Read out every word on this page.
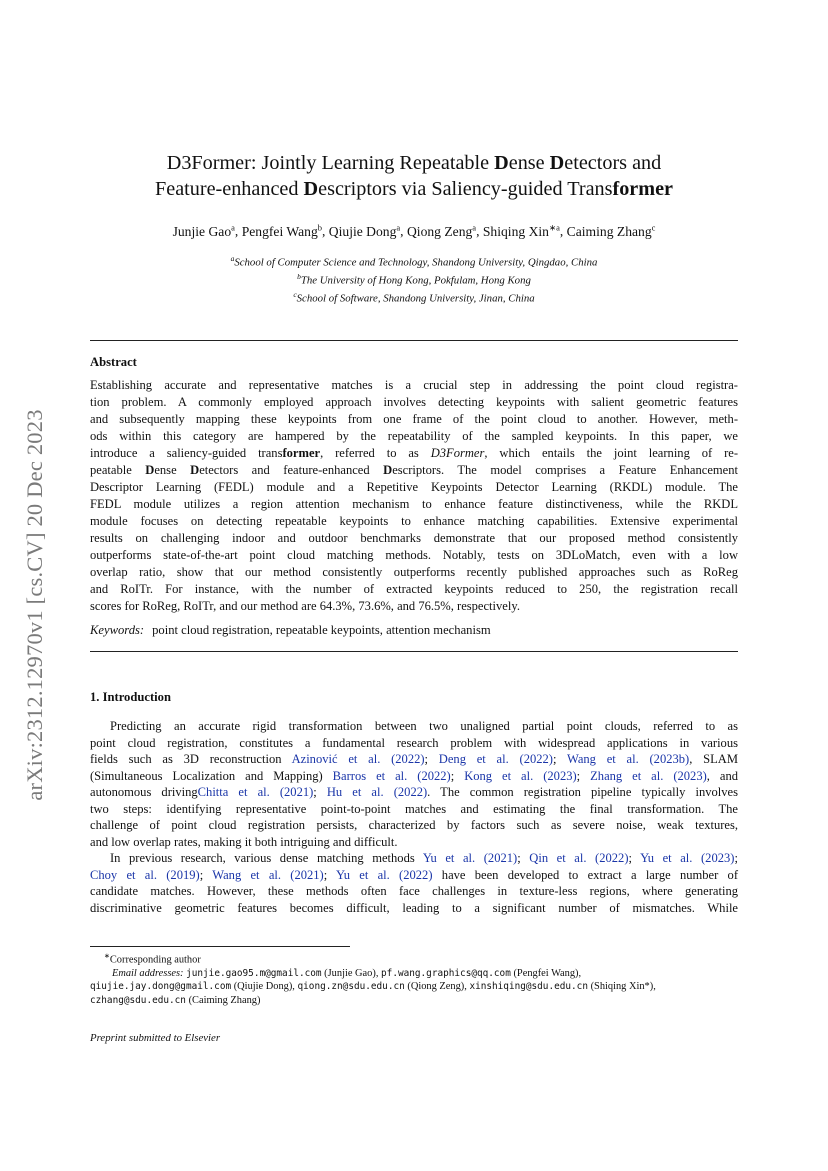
arXiv:2312.12970v1 [cs.CV] 20 Dec 2023
D3Former: Jointly Learning Repeatable Dense Detectors and
Feature-enhanced Descriptors via Saliency-guided Transformer
Junjie Gao$^a$, Pengfei Wang$^b$, Qiujie Dong$^a$, Qiong Zeng$^a$, Shiqing Xin$^{∗a}$, Caiming Zhang$^c$
$^a$School of Computer Science and Technology, Shandong University, Qingdao, China
$^b$The University of Hong Kong, Pokfulam, Hong Kong
$^c$School of Software, Shandong University, Jinan, China
Abstract
Establishing accurate and representative matches is a crucial step in addressing the point cloud registra-
tion problem. A commonly employed approach involves detecting keypoints with salient geometric features
and subsequently mapping these keypoints from one frame of the point cloud to another. However, meth-
ods within this category are hampered by the repeatability of the sampled keypoints. In this paper, we
introduce a saliency-guided transformer, referred to as D3Former, which entails the joint learning of re-
peatable Dense Detectors and feature-enhanced Descriptors. The model comprises a Feature Enhancement
Descriptor Learning (FEDL) module and a Repetitive Keypoints Detector Learning (RKDL) module. The
FEDL module utilizes a region attention mechanism to enhance feature distinctiveness, while the RKDL
module focuses on detecting repeatable keypoints to enhance matching capabilities. Extensive experimental
results on challenging indoor and outdoor benchmarks demonstrate that our proposed method consistently
outperforms state-of-the-art point cloud matching methods. Notably, tests on 3DLoMatch, even with a low
overlap ratio, show that our method consistently outperforms recently published approaches such as RoReg
and RoITr. For instance, with the number of extracted keypoints reduced to 250, the registration recall
scores for RoReg, RoITr, and our method are 64.3%, 73.6%, and 76.5%, respectively.
Keywords: point cloud registration, repeatable keypoints, attention mechanism
1. Introduction
Predicting an accurate rigid transformation between two unaligned partial point clouds, referred to as
point cloud registration, constitutes a fundamental research problem with widespread applications in various
fields such as 3D reconstruction Azinović et al. (2022); Deng et al. (2022); Wang et al. (2023b), SLAM
(Simultaneous Localization and Mapping) Barros et al. (2022); Kong et al. (2023); Zhang et al. (2023), and
autonomous drivingChitta et al. (2021); Hu et al. (2022). The common registration pipeline typically involves
two steps: identifying representative point-to-point matches and estimating the final transformation. The
challenge of point cloud registration persists, characterized by factors such as severe noise, weak textures,
and low overlap rates, making it both intriguing and difficult.
In previous research, various dense matching methods Yu et al. (2021); Qin et al. (2022); Yu et al. (2023);
Choy et al. (2019); Wang et al. (2021); Yu et al. (2022) have been developed to extract a large number of
candidate matches. However, these methods often face challenges in texture-less regions, where generating
discriminative geometric features becomes difficult, leading to a significant number of mismatches. While
∗Corresponding author
Email addresses: junjie.gao95.m@gmail.com (Junjie Gao), pf.wang.graphics@qq.com (Pengfei Wang),
qiujie.jay.dong@gmail.com (Qiujie Dong), qiong.zn@sdu.edu.cn (Qiong Zeng), xinshiqing@sdu.edu.cn (Shiqing Xin*),
czhang@sdu.edu.cn (Caiming Zhang)
Preprint submitted to Elsevier
